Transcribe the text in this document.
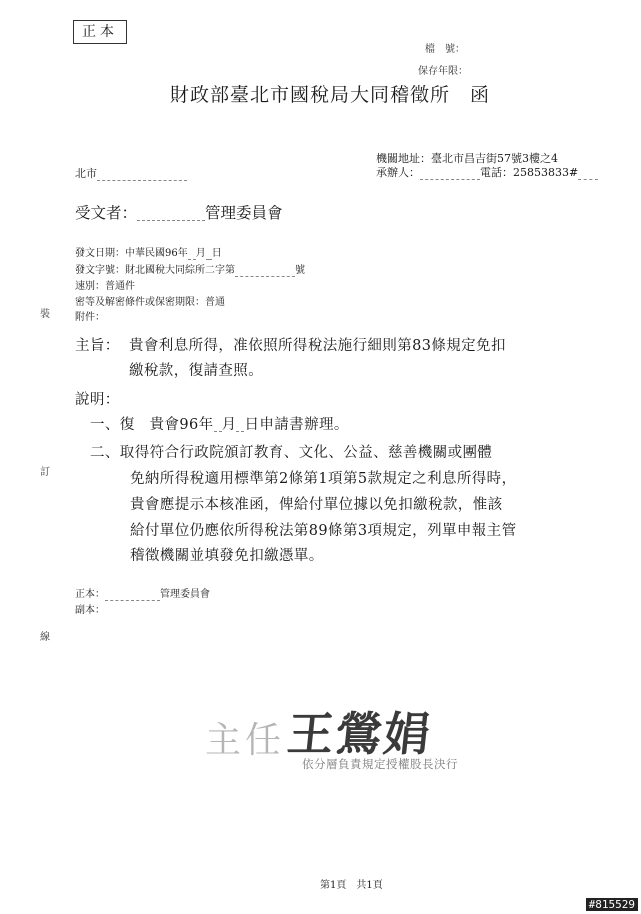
正本
檔　號：
保存年限：
財政部臺北市國稅局大同稽徵所　函
機關地址：臺北市昌吉街57號3樓之4
承辦人：	電話：25853833#
北市
受文者：	管理委員會
發文日期：中華民國96年 月 日
發文字號：財北國稅大同綜所二字第	號
速別：普通件
密等及解密條件或保密期限：普通
附件：
裝
訂
線
主旨： 貴會利息所得，准依照所得稅法施行細則第83條規定免扣
繳稅款，復請查照。
說明：
一、復　貴會96年 月 日申請書辦理。
二、取得符合行政院頒訂教育、文化、公益、慈善機關或團體
免納所得稅適用標準第2條第1項第5款規定之利息所得時，
貴會應提示本核准函，俾給付單位據以免扣繳稅款，惟該
給付單位仍應依所得稅法第89條第3項規定，列單申報主管
稽徵機關並填發免扣繳憑單。
正本：	管理委員會
副本：
主任 王鶯娟
依分層負責規定授權股長決行
第1頁　共1頁
#815529
